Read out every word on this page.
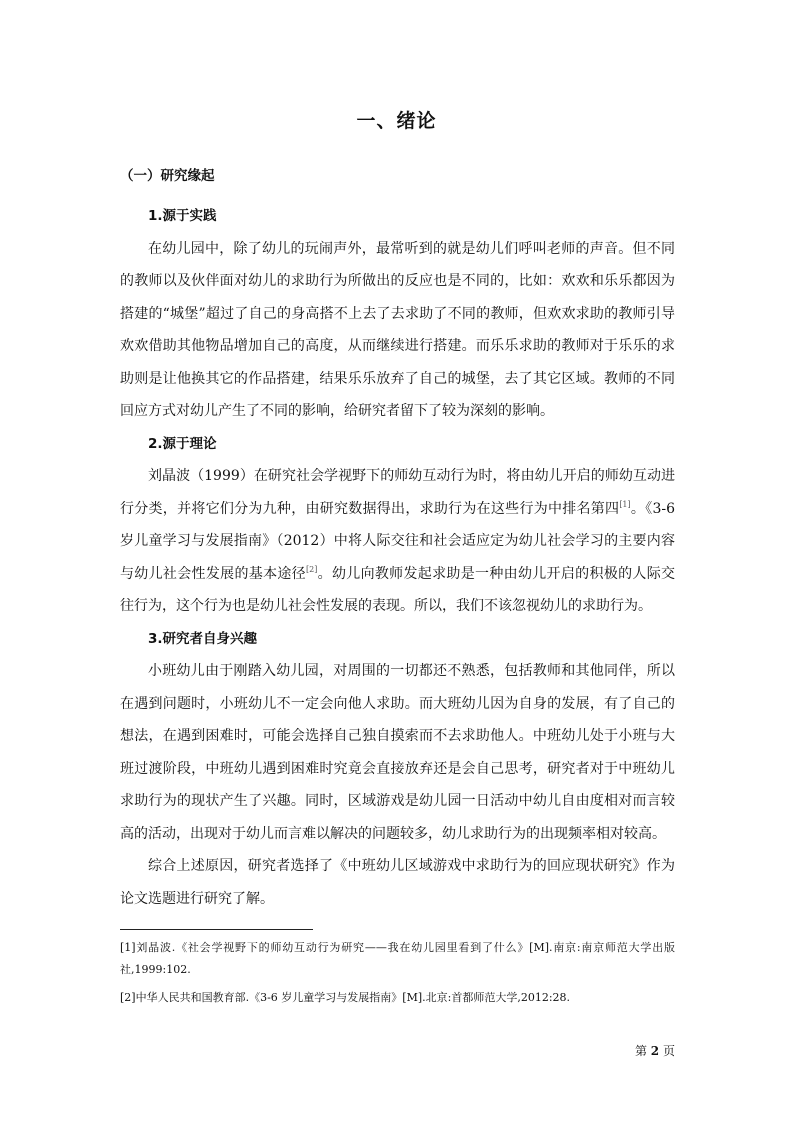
一、绪论
（一）研究缘起

1.源于实践

在幼儿园中，除了幼儿的玩闹声外，最常听到的就是幼儿们呼叫老师的声音。但不同的教师以及伙伴面对幼儿的求助行为所做出的反应也是不同的，比如：欢欢和乐乐都因为搭建的“城堡”超过了自己的身高搭不上去了去求助了不同的教师，但欢欢求助的教师引导欢欢借助其他物品增加自己的高度，从而继续进行搭建。而乐乐求助的教师对于乐乐的求助则是让他换其它的作品搭建，结果乐乐放弃了自己的城堡，去了其它区域。教师的不同回应方式对幼儿产生了不同的影响，给研究者留下了较为深刻的影响。

2.源于理论

刘晶波（1999）在研究社会学视野下的师幼互动行为时，将由幼儿开启的师幼互动进行分类，并将它们分为九种，由研究数据得出，求助行为在这些行为中排名第四[1]。《3-6 岁儿童学习与发展指南》（2012）中将人际交往和社会适应定为幼儿社会学习的主要内容与幼儿社会性发展的基本途径[2]。幼儿向教师发起求助是一种由幼儿开启的积极的人际交往行为，这个行为也是幼儿社会性发展的表现。所以，我们不该忽视幼儿的求助行为。

3.研究者自身兴趣

小班幼儿由于刚踏入幼儿园，对周围的一切都还不熟悉，包括教师和其他同伴，所以在遇到问题时，小班幼儿不一定会向他人求助。而大班幼儿因为自身的发展，有了自己的想法，在遇到困难时，可能会选择自己独自摸索而不去求助他人。中班幼儿处于小班与大班过渡阶段，中班幼儿遇到困难时究竟会直接放弃还是会自己思考，研究者对于中班幼儿求助行为的现状产生了兴趣。同时，区域游戏是幼儿园一日活动中幼儿自由度相对而言较高的活动，出现对于幼儿而言难以解决的问题较多，幼儿求助行为的出现频率相对较高。

综合上述原因，研究者选择了《中班幼儿区域游戏中求助行为的回应现状研究》作为论文选题进行研究了解。

[1]刘晶波.《社会学视野下的师幼互动行为研究——我在幼儿园里看到了什么》[M].南京:南京师范大学出版社,1999:102.

[2]中华人民共和国教育部.《3-6 岁儿童学习与发展指南》[M].北京:首都师范大学,2012:28.

第 2 页
